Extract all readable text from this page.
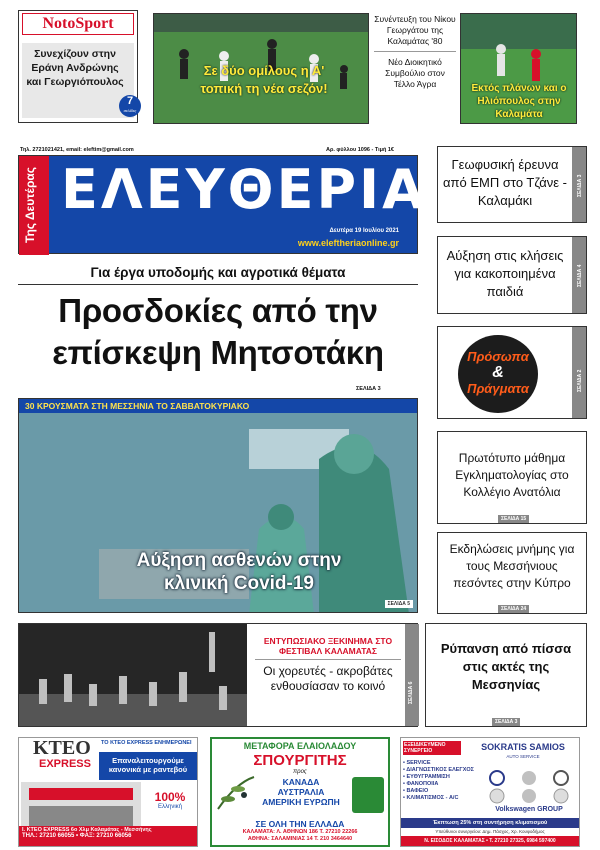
NotoSport
Συνεχίζουν στην Εράνη Ανδρώνης και Γεωργιόπουλος
7
σελίδες
7-13
Σε δύο ομίλους η Α' τοπική τη νέα σεζόν!
Συνέντευξη του Νίκου Γεωργάτου της Καλαμάτας '80
Νέο Διοικητικό Συμβούλιο στον Τέλλο Άγρα	Εκτός πλάνων και ο Ηλιόπουλος στην Καλαμάτα
Τηλ. 2721021421, email: eleftim@gmail.com	Αρ. φύλλου 1096 - Τιμή 1€
Της Δευτέρας ΕΛΕΥΘΕΡΙΑ
Δευτέρα 19 Ιουλίου 2021
www.eleftheriaonline.gr
Για έργα υποδομής και αγροτικά θέματα
Προσδοκίες από την επίσκεψη Μητσοτάκη
ΣΕΛΙΔΑ 3
30 ΚΡΟΥΣΜΑΤΑ ΣΤΗ ΜΕΣΣΗΝΙΑ ΤΟ ΣΑΒΒΑΤΟΚΥΡΙΑΚΟ
Αύξηση ασθενών στην κλινική Covid-19
ΣΕΛΙΔΑ 5
ΕΝΤΥΠΩΣΙΑΚΟ ΞΕΚΙΝΗΜΑ ΣΤΟ ΦΕΣΤΙΒΑΛ ΚΑΛΑΜΑΤΑΣ
Οι χορευτές - ακροβάτες ενθουσίασαν το κοινό	ΣΕΛΙΔΑ 6
Γεωφυσική έρευνα από ΕΜΠ στο Τζάνε - Καλαμάκι
ΣΕΛΙΔΑ 3
Αύξηση στις κλήσεις για κακοποιημένα παιδιά
ΣΕΛΙΔΑ 4
Πρόσωπα
&
Πράγματα	ΣΕΛΙΔΑ 2
Πρωτότυπο μάθημα Εγκληματολογίας στο Κολλέγιο Ανατόλια
ΣΕΛΙΔΑ 15
Εκδηλώσεις μνήμης για τους Μεσσήνιους πεσόντες στην Κύπρο
ΣΕΛΙΔΑ 24
Ρύπανση από πίσσα στις ακτές της Μεσσηνίας
ΣΕΛΙΔΑ 3
ΚΤΕΟ
EXPRESS
ΤΟ ΚΤΕΟ EXPRESS ΕΝΗΜΕΡΩΝΕΙ
Επαναλειτουργούμε κανονικά με ραντεβού
100%
Ελληνική
Ι. ΚΤΕΟ EXPRESS 6ο Χλμ Καλαμάτας - Μεσσήνης
ΤΗΛ.: 27210 66055 • ΦΑΞ: 27210 66056
ΜΕΤΑΦΟΡΑ ΕΛΑΙΟΛΑΔΟΥ
ΣΠΟΥΡΓΙΤΗΣ
προς
ΚΑΝΑΔΑ ΑΥΣΤΡΑΛΙΑ ΑΜΕΡΙΚΗ ΕΥΡΩΠΗ
ΣΕ ΟΛΗ ΤΗΝ ΕΛΛΑΔΑ
ΚΑΛΑΜΑΤΑ: Λ. ΑΘΗΝΩΝ 186 Τ. 27210 22266
ΑΘΗΝΑ: ΣΑΛΑΜΙΝΙΑΣ 14 Τ. 210 3464640
ΕΞΕΙΔΙΚΕΥΜΕΝΟ ΣΥΝΕΡΓΕΙΟ	SOKRATIS SAMIOS
AUTO SERVICE
• SERVICE
• ΔΙΑΓΝΩΣΤΙΚΟΣ ΕΛΕΓΧΟΣ
• ΕΥΘΥΓΡΑΜΜΙΣΗ
• ΦΑΝΟΠΟΙΙΑ
• ΒΑΦΕΙΟ
• ΚΛΙΜΑΤΙΣΜΟΣ - A/C
Volkswagen GROUP
Έκπτωση 25% στη συντήρηση κλιματισμού
Υπεύθυνοι συνεργείου: Δημ. Πάσχος, Χρ. Κουφοδήμος
Ν. ΕΙΣΟΔΟΣ ΚΑΛΑΜΑΤΑΣ • Τ. 27210 27325, 6984 597400
